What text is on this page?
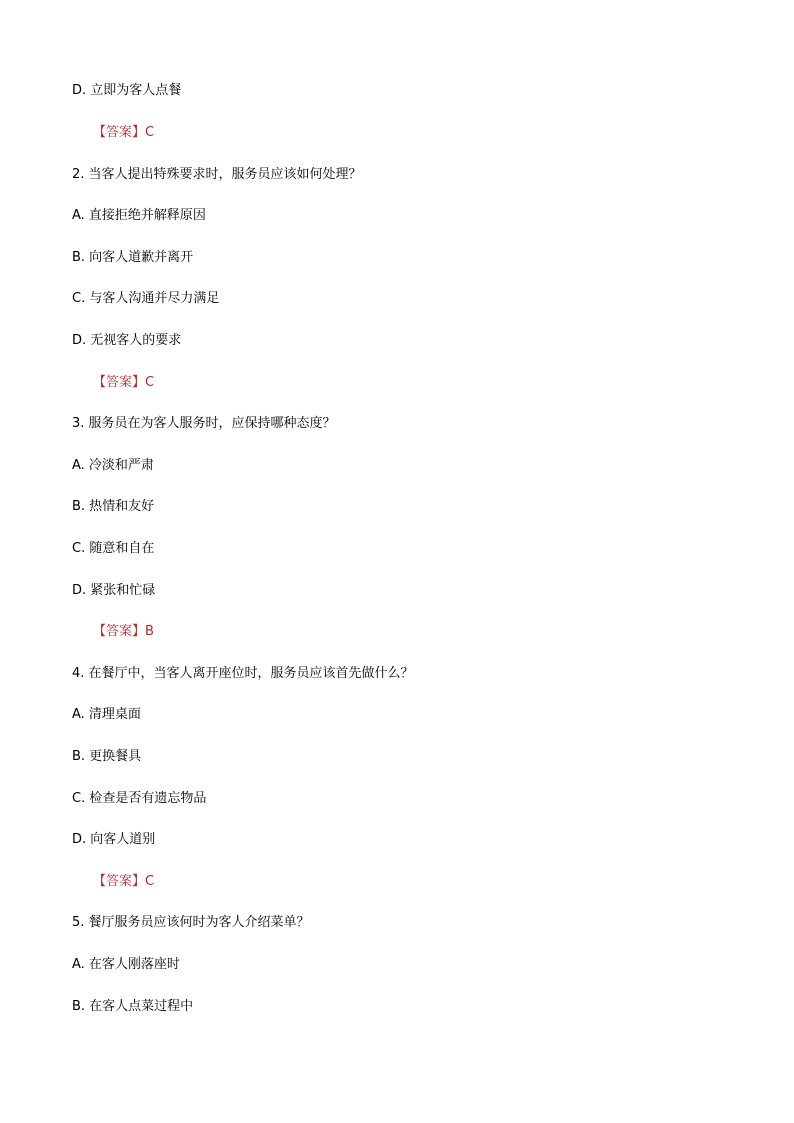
D. 立即为客人点餐
【答案】C
2. 当客人提出特殊要求时，服务员应该如何处理？
A. 直接拒绝并解释原因
B. 向客人道歉并离开
C. 与客人沟通并尽力满足
D. 无视客人的要求
【答案】C
3. 服务员在为客人服务时，应保持哪种态度？
A. 冷淡和严肃
B. 热情和友好
C. 随意和自在
D. 紧张和忙碌
【答案】B
4. 在餐厅中，当客人离开座位时，服务员应该首先做什么？
A. 清理桌面
B. 更换餐具
C. 检查是否有遗忘物品
D. 向客人道别
【答案】C
5. 餐厅服务员应该何时为客人介绍菜单？
A. 在客人刚落座时
B. 在客人点菜过程中
